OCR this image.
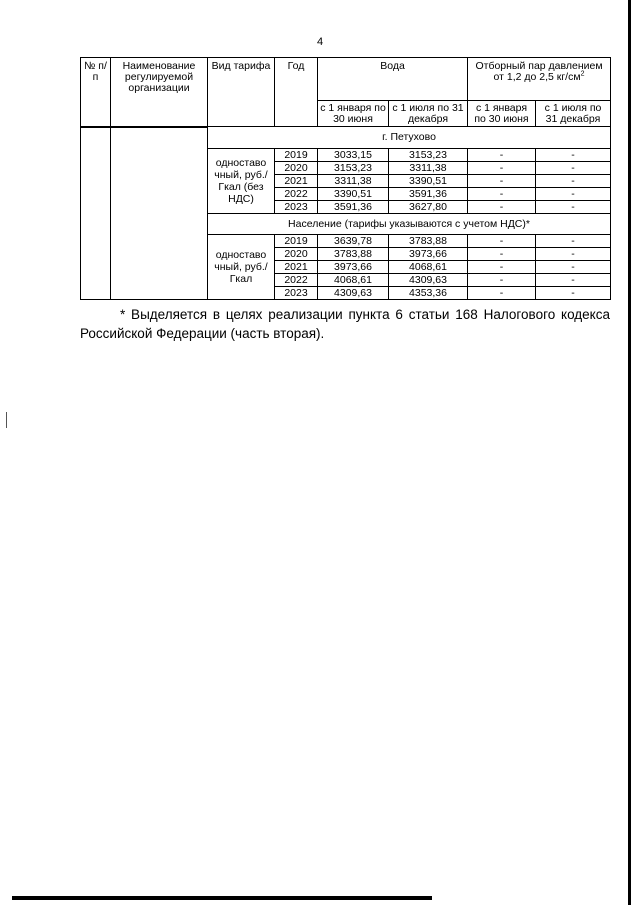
4
№ п/п	Наименование регулируемой организации	Вид тарифа	Год	Вода		Отборный пар давлением от 1,2 до 2,5 $кг/см^2$
				с 1 января по 30 июня	с 1 июля по 31 декабря	с 1 января по 30 июня	с 1 июля по 31 декабря
		г. Петухово					
		одноставо чный, руб./Гкал (без НДС)	2019	3033,15	3153,23	-	-
			2020	3153,23	3311,38	-	-
			2021	3311,38	3390,51	-	-
			2022	3390,51	3591,36	-	-
			2023	3591,36	3627,80	-	-
		Население (тарифы указываются с учетом НДС)*					
		одноставо чный, руб./Гкал	2019	3639,78	3783,88	-	-
			2020	3783,88	3973,66	-	-
			2021	3973,66	4068,61	-	-
			2022	4068,61	4309,63	-	-
			2023	4309,63	4353,36	-	-
* Выделяется в целях реализации пункта 6 статьи 168 Налогового кодекса Российской Федерации (часть вторая).
